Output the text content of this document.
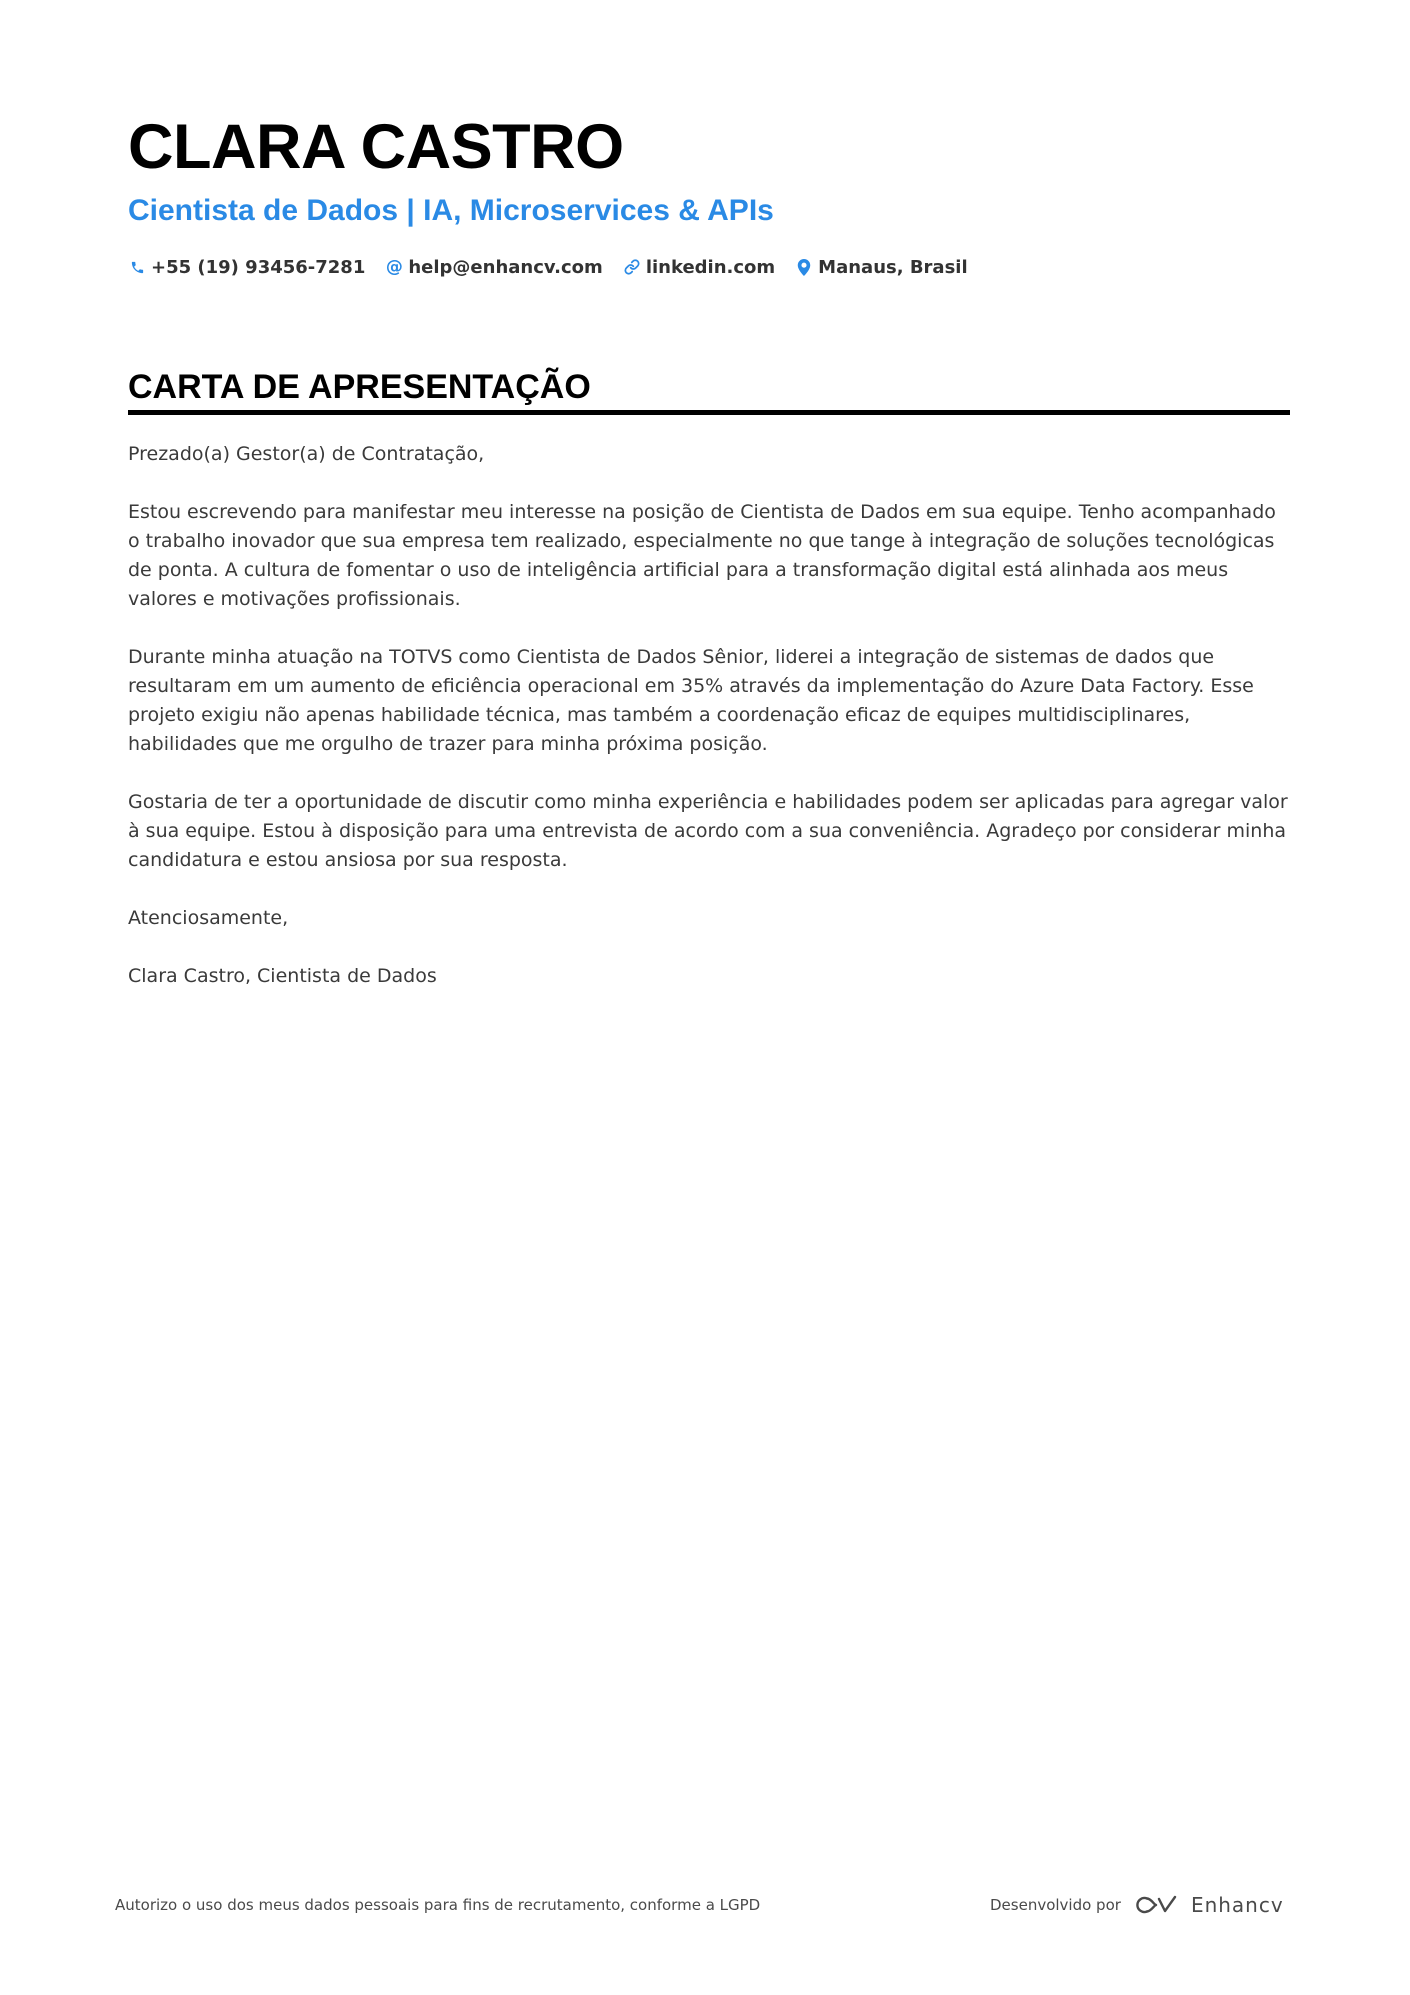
CLARA CASTRO
Cientista de Dados | IA, Microservices & APIs
+55 (19) 93456-7281 @ help@enhancv.com linkedin.com Manaus, Brasil
CARTA DE APRESENTAÇÃO

Prezado(a) Gestor(a) de Contratação,

Estou escrevendo para manifestar meu interesse na posição de Cientista de Dados em sua equipe. Tenho acompanhado o trabalho inovador que sua empresa tem realizado, especialmente no que tange à integração de soluções tecnológicas de ponta. A cultura de fomentar o uso de inteligência artificial para a transformação digital está alinhada aos meus valores e motivações profissionais.

Durante minha atuação na TOTVS como Cientista de Dados Sênior, liderei a integração de sistemas de dados que resultaram em um aumento de eficiência operacional em 35% através da implementação do Azure Data Factory. Esse projeto exigiu não apenas habilidade técnica, mas também a coordenação eficaz de equipes multidisciplinares, habilidades que me orgulho de trazer para minha próxima posição.

Gostaria de ter a oportunidade de discutir como minha experiência e habilidades podem ser aplicadas para agregar valor à sua equipe. Estou à disposição para uma entrevista de acordo com a sua conveniência. Agradeço por considerar minha candidatura e estou ansiosa por sua resposta.

Atenciosamente,

Clara Castro, Cientista de Dados

Autorizo o uso dos meus dados pessoais para fins de recrutamento, conforme a LGPD	Desenvolvido por	Enhancv
